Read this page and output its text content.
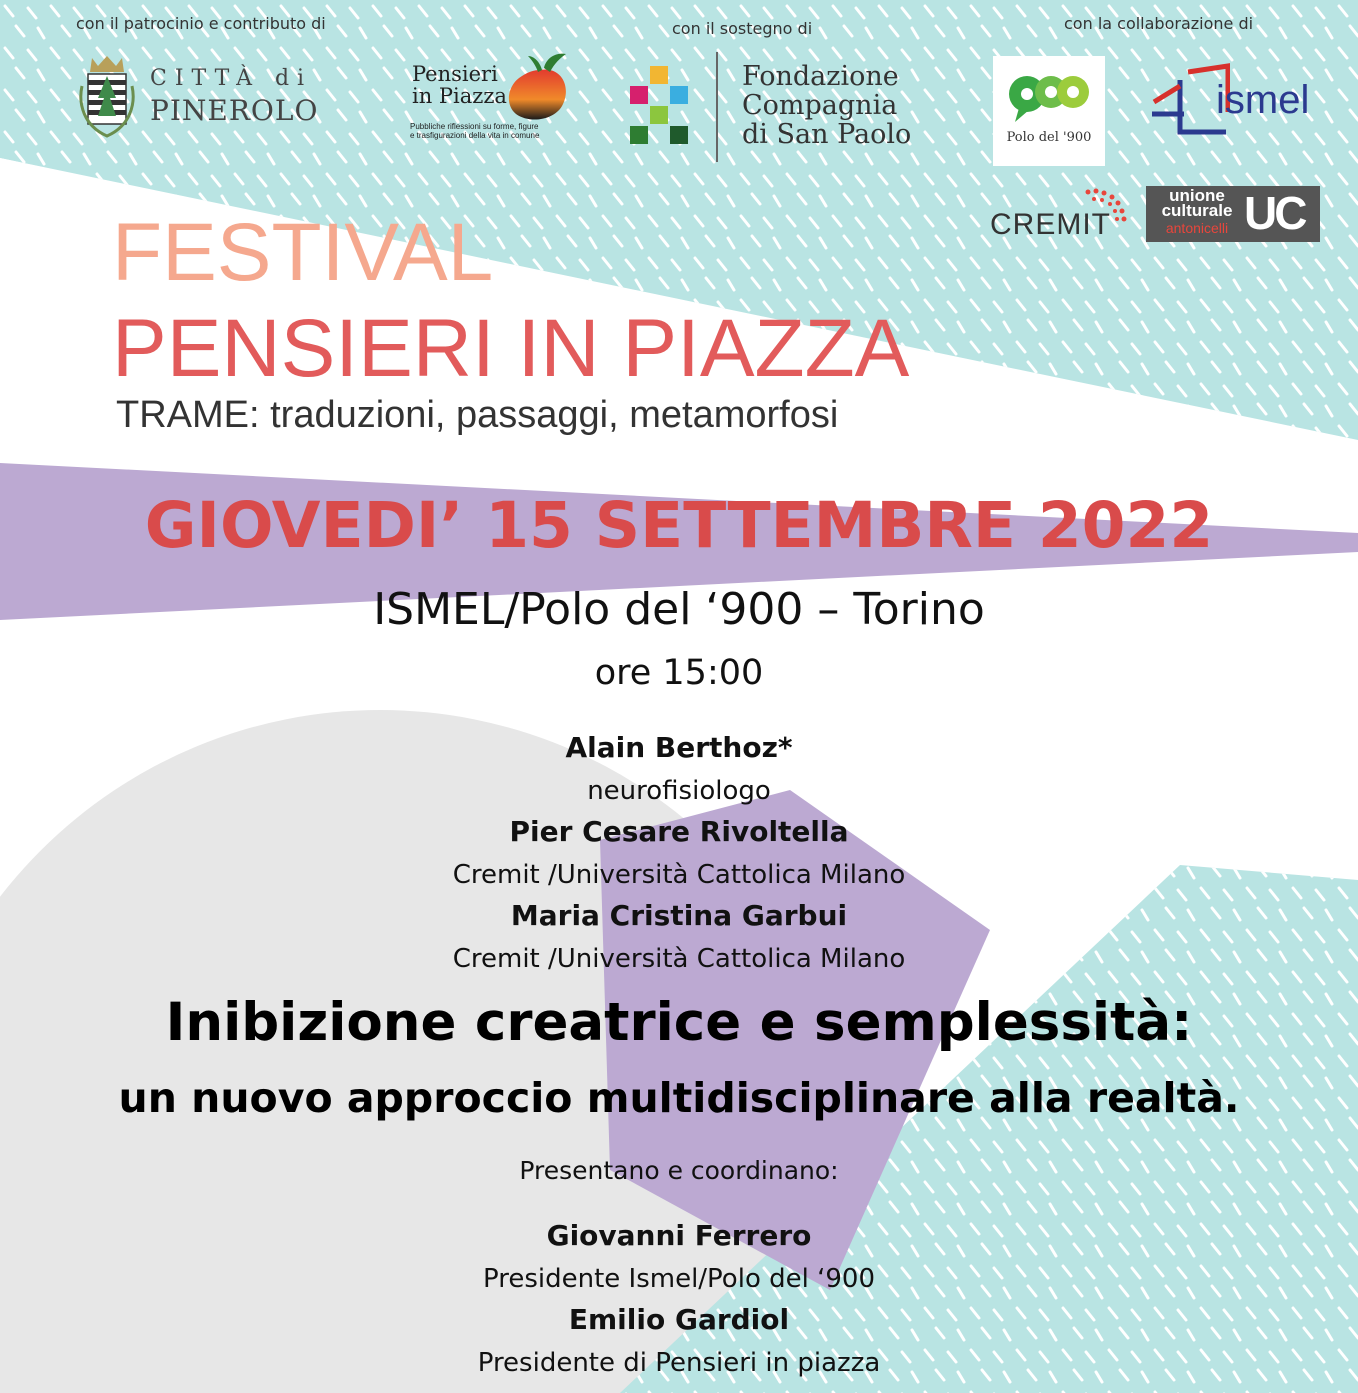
con il patrocinio e contributo di	con il sostegno di	con la collaborazione di
CITTÀ di
PINEROLO
Pensieri
in Piazza
Pubbliche riflessioni su forme, figure
e trasfigurazioni della vita in comune
Fondazione
Compagnia
di San Paolo	Polo del '900
ismel
CREMIT
unione
culturale
antonicelli UC
FESTIVAL
PENSIERI IN PIAZZA
TRAME: traduzioni, passaggi, metamorfosi
GIOVEDI’ 15 SETTEMBRE 2022
ISMEL/Polo del ‘900 – Torino
ore 15:00
Alain Berthoz*
neurofisiologo
Pier Cesare Rivoltella
Cremit /Università Cattolica Milano
Maria Cristina Garbui
Cremit /Università Cattolica Milano
Inibizione creatrice e semplessità:
un nuovo approccio multidisciplinare alla realtà.
Presentano e coordinano:
Giovanni Ferrero
Presidente Ismel/Polo del ‘900
Emilio Gardiol
Presidente di Pensieri in piazza
